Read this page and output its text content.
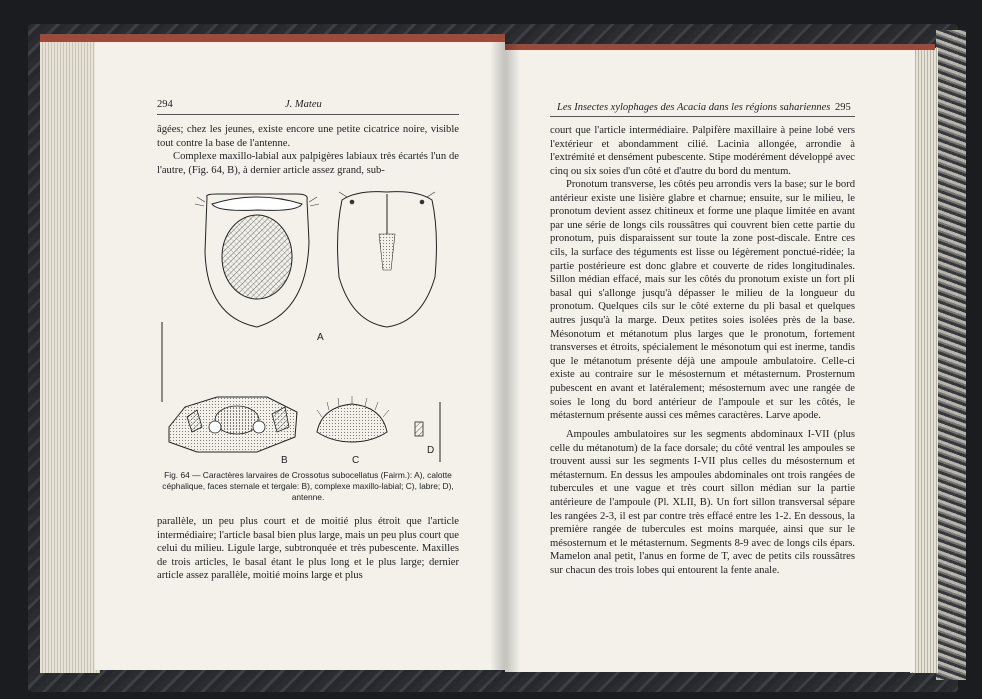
294	J. Mateu

âgées; chez les jeunes, existe encore une petite cicatrice noire, visible tout contre la base de l'antenne.

Complexe maxillo-labial aux palpigères labiaux très écartés l'un de l'autre, (Fig. 64, B), à dernier article assez grand, sub-

A
B	C
D

Fig. 64 — Caractères larvaires de Crossotus subocellatus (Fairm.): A), calotte céphalique, faces sternale et tergale: B), complexe maxillo-labial; C), labre; D), antenne.

parallèle, un peu plus court et de moitié plus étroit que l'article intermédiaire; l'article basal bien plus large, mais un peu plus court que celui du milieu. Ligule large, subtronquée et très pubescente. Maxilles de trois articles, le basal étant le plus long et le plus large; dernier article assez parallèle, moitié moins large et plus

Les Insectes xylophages des Acacia dans les régions sahariennes 295

court que l'article intermédiaire. Palpifère maxillaire à peine lobé vers l'extérieur et abondamment cilié. Lacinia allongée, arrondie à l'extrémité et densément pubescente. Stipe modérément développé avec cinq ou six soies d'un côté et d'autre du bord du mentum.

Pronotum transverse, les côtés peu arrondis vers la base; sur le bord antérieur existe une lisière glabre et charnue; ensuite, sur le milieu, le pronotum devient assez chitineux et forme une plaque limitée en avant par une série de longs cils roussâtres qui couvrent bien cette partie du pronotum, puis disparaissent sur toute la zone post-discale. Entre ces cils, la surface des téguments est lisse ou légèrement ponctué-ridée; la partie postérieure est donc glabre et couverte de rides longitudinales. Sillon médian effacé, mais sur les côtés du pronotum existe un fort pli basal qui s'allonge jusqu'à dépasser le milieu de la longueur du pronotum. Quelques cils sur le côté externe du pli basal et quelques autres jusqu'à la marge. Deux petites soies isolées près de la base. Mésonotum et métanotum plus larges que le pronotum, fortement transverses et étroits, spécialement le mésonotum qui est inerme, tandis que le métanotum présente déjà une ampoule ambulatoire. Celle-ci existe au contraire sur le mésosternum et métasternum. Prosternum pubescent en avant et latéralement; mésosternum avec une rangée de soies le long du bord antérieur de l'ampoule et sur les côtés, le métasternum présente aussi ces mêmes caractères. Larve apode.

Ampoules ambulatoires sur les segments abdominaux I-VII (plus celle du métanotum) de la face dorsale; du côté ventral les ampoules se trouvent aussi sur les segments I-VII plus celles du mésosternum et métasternum. En dessus les ampoules abdominales ont trois rangées de tubercules et une vague et très court sillon médian sur la partie antérieure de l'ampoule (Pl. XLII, B). Un fort sillon transversal sépare les rangées 2-3, il est par contre très effacé entre les 1-2. En dessous, la première rangée de tubercules est moins marquée, ainsi que sur le mésosternum et le métasternum. Segments 8-9 avec de longs cils épars. Mamelon anal petit, l'anus en forme de T, avec de petits cils roussâtres sur chacun des trois lobes qui entourent la fente anale.
